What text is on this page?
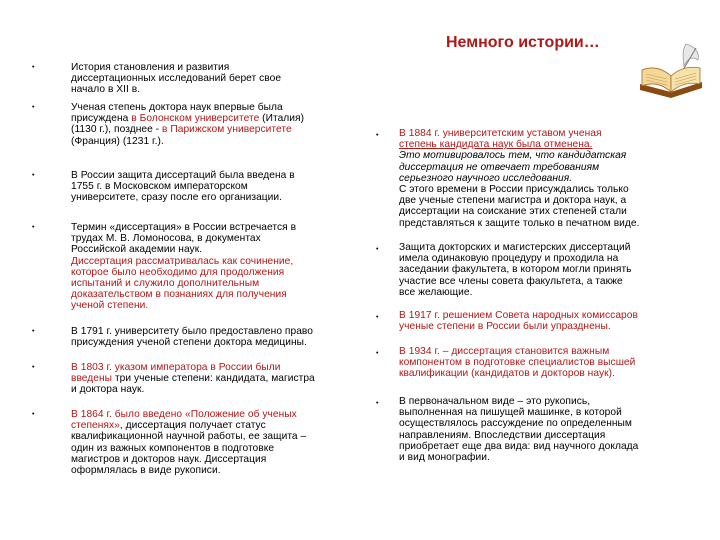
Немного истории…
•	История становления и развития
диссертационных исследований берет свое
начало в XII в.
•	Ученая степень доктора наук впервые была
присуждена в Болонском университете (Италия)
(1130 г.), позднее - в Парижском университете
(Франция) (1231 г.).
•	В России защита диссертаций была введена в
1755 г. в Московском императорском
университете, сразу после его организации.
•	Термин «диссертация» в России встречается в
трудах М. В. Ломоносова, в документах
Российской академии наук.
Диссертация рассматривалась как сочинение,
которое было необходимо для продолжения
испытаний и служило дополнительным
доказательством в познаниях для получения
ученой степени.
•	В 1791 г. университету было предоставлено право
присуждения ученой степени доктора медицины.
•	В 1803 г. указом императора в России были
введены три ученые степени: кандидата, магистра
и доктора наук.
•	В 1864 г. было введено «Положение об ученых
степенях», диссертация получает статус
квалификационной научной работы, ее защита –
один из важных компонентов в подготовке
магистров и докторов наук. Диссертация
оформлялась в виде рукописи.
• В 1884 г. университетским уставом ученая
степень кандидата наук была отменена.
Это мотивировалось тем, что кандидатская
диссертация не отвечает требованиям
серьезного научного исследования.
С этого времени в России присуждались только
две ученые степени магистра и доктора наук, а
диссертации на соискание этих степеней стали
представляться к защите только в печатном виде.
• Защита докторских и магистерских диссертаций
имела одинаковую процедуру и проходила на
заседании факультета, в котором могли принять
участие все члены совета факультета, а также
все желающие.
• В 1917 г. решением Совета народных комиссаров
ученые степени в России были упразднены.
• В 1934 г. – диссертация становится важным
компонентом в подготовке специалистов высшей
квалификации (кандидатов и докторов наук).
• В первоначальном виде – это рукопись,
выполненная на пишущей машинке, в которой
осуществлялось рассуждение по определенным
направлениям. Впоследствии диссертация
приобретает еще два вида: вид научного доклада
и вид монографии.
